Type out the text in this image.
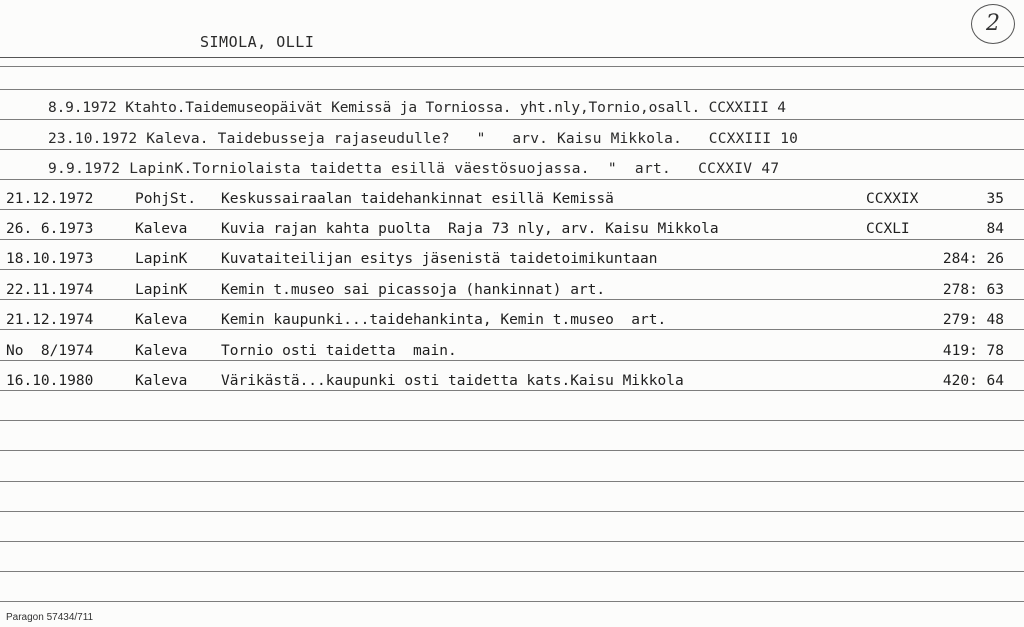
SIMOLA, OLLI
2
8.9.1972 Ktahto.Taidemuseopäivät Kemissä ja Torniossa. yht.nly,Tornio,osall. CCXXIII 4
23.10.1972 Kaleva. Taidebusseja rajaseudulle?   "   arv. Kaisu Mikkola.   CCXXIII 10
9.9.1972 LapinK.Torniolaista taidetta esillä väestösuojassa.  "  art.   CCXXIV 47
21.12.1972	PohjSt. Keskussairaalan taidehankinnat esillä Kemissä	CCXXIX	35
26. 6.1973	Kaleva Kuvia rajan kahta puolta  Raja 73 nly, arv. Kaisu Mikkola	CCXLI	84
18.10.1973	LapinK Kuvataiteilijan esitys jäsenistä taidetoimikuntaan	284: 26
22.11.1974	LapinK Kemin t.museo sai picassoja (hankinnat) art.	278: 63
21.12.1974	Kaleva Kemin kaupunki...taidehankinta, Kemin t.museo  art.	279: 48
No  8/1974	Kaleva Tornio osti taidetta  main.	419: 78
16.10.1980	Kaleva Värikästä...kaupunki osti taidetta kats.Kaisu Mikkola	420: 64
Paragon 57434/711
